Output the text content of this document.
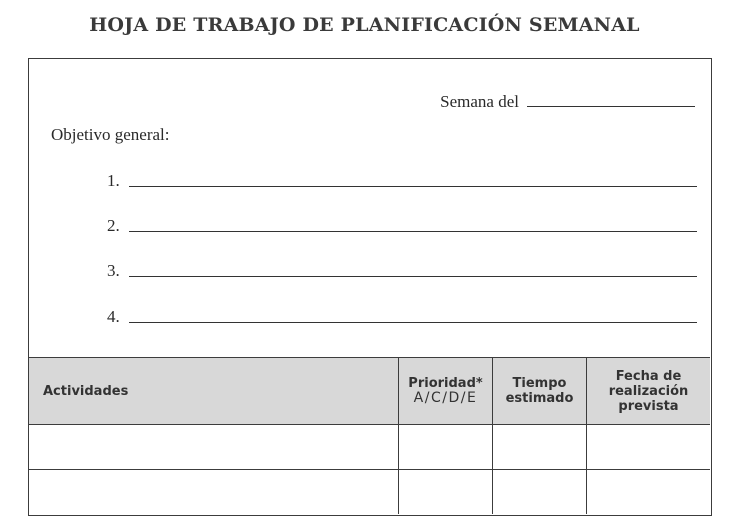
HOJA DE TRABAJO DE PLANIFICACIÓN SEMANAL
Semana del
Objetivo general:
1.
2.
3.
4.
Actividades	Prioridad*
A/C/D/E
Tiempo
estimado
Fecha de
realización
prevista
